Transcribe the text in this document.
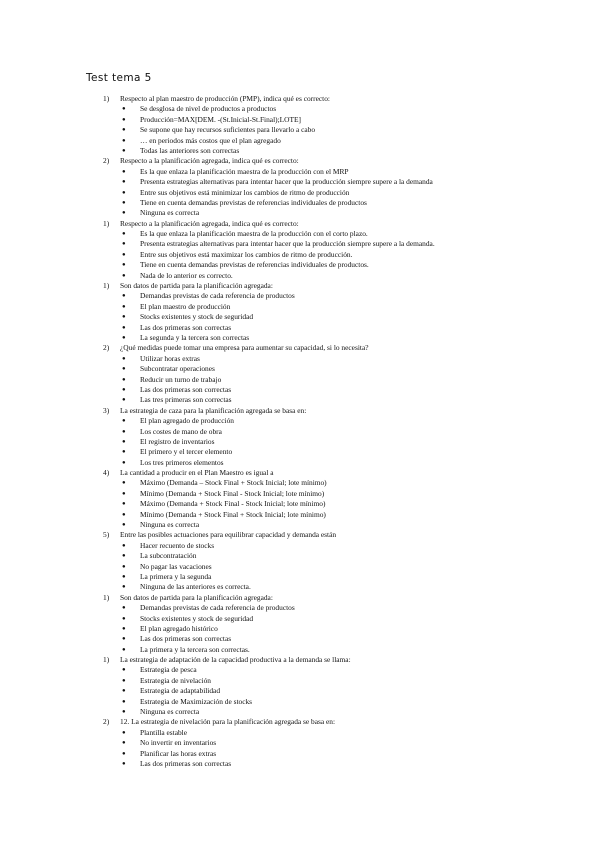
Test tema 5
1) Respecto al plan maestro de producción (PMP), indica qué es correcto:
● Se desglosa de nivel de productos a productos
● Producción=MAX[DEM. -(St.Inicial-St.Final);LOTE]
● Se supone que hay recursos suficientes para llevarlo a cabo
● … en periodos más costos que el plan agregado
● Todas las anteriores son correctas
2) Respecto a la planificación agregada, indica qué es correcto:
● Es la que enlaza la planificación maestra de la producción con el MRP
● Presenta estrategias alternativas para intentar hacer que la producción siempre supere a la demanda
● Entre sus objetivos está minimizar los cambios de ritmo de producción
● Tiene en cuenta demandas previstas de referencias individuales de productos
● Ninguna es correcta
1) Respecto a la planificación agregada, indica qué es correcto:
● Es la que enlaza la planificación maestra de la producción con el corto plazo.
● Presenta estrategias alternativas para intentar hacer que la producción siempre supere a la demanda.
● Entre sus objetivos está maximizar los cambios de ritmo de producción.
● Tiene en cuenta demandas previstas de referencias individuales de productos.
● Nada de lo anterior es correcto.
1) Son datos de partida para la planificación agregada:
● Demandas previstas de cada referencia de productos
● El plan maestro de producción
● Stocks existentes y stock de seguridad
● Las dos primeras son correctas
● La segunda y la tercera son correctas
2) ¿Qué medidas puede tomar una empresa para aumentar su capacidad, si lo necesita?
● Utilizar horas extras
● Subcontratar operaciones
● Reducir un turno de trabajo
● Las dos primeras son correctas
● Las tres primeras son correctas
3) La estrategia de caza para la planificación agregada se basa en:
● El plan agregado de producción
● Los costes de mano de obra
● El registro de inventarios
● El primero y el tercer elemento
● Los tres primeros elementos
4) La cantidad a producir en el Plan Maestro es igual a
● Máximo (Demanda – Stock Final + Stock Inicial; lote mínimo)
● Mínimo (Demanda + Stock Final - Stock Inicial; lote mínimo)
● Máximo (Demanda + Stock Final - Stock Inicial; lote mínimo)
● Mínimo (Demanda + Stock Final + Stock Inicial; lote mínimo)
● Ninguna es correcta
5) Entre las posibles actuaciones para equilibrar capacidad y demanda están
● Hacer recuento de stocks
● La subcontratación
● No pagar las vacaciones
● La primera y la segunda
● Ninguna de las anteriores es correcta.
1) Son datos de partida para la planificación agregada:
● Demandas previstas de cada referencia de productos
● Stocks existentes y stock de seguridad
● El plan agregado histórico
● Las dos primeras son correctas
● La primera y la tercera son correctas.
1) La estrategia de adaptación de la capacidad productiva a la demanda se llama:
● Estrategia de pesca
● Estrategia de nivelación
● Estrategia de adaptabilidad
● Estrategia de Maximización de stocks
● Ninguna es correcta
2) 12. La estrategia de nivelación para la planificación agregada se basa en:
● Plantilla estable
● No invertir en inventarios
● Planificar las horas extras
● Las dos primeras son correctas
